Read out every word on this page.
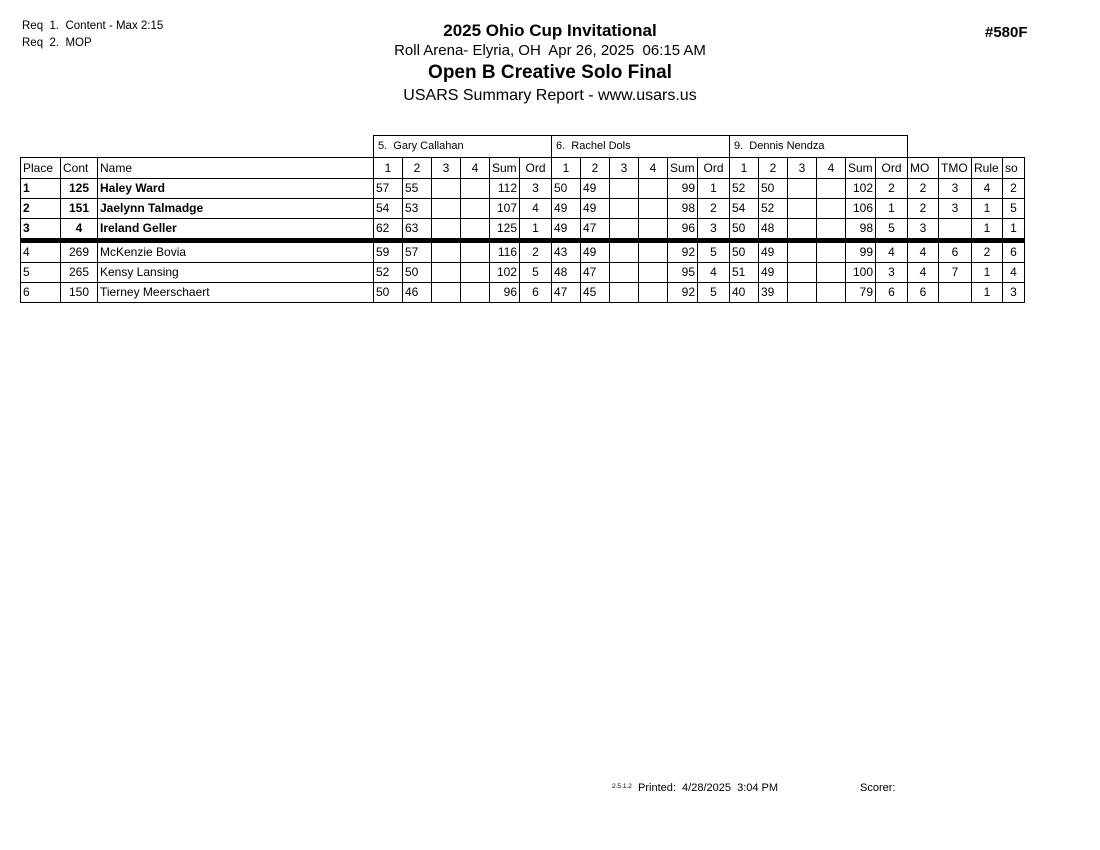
Req  1.  Content - Max 2:15
Req  2.  MOP
2025 Ohio Cup Invitational
Roll Arena- Elyria, OH  Apr 26, 2025  06:15 AM
Open B Creative Solo Final
USARS Summary Report - www.usars.us
#580F
			5.  Gary Callahan						6.  Rachel Dols						9.  Dennis Nendza									
Place	Cont	Name	1	2	3	4	Sum	Ord	1	2	3	4	Sum	Ord	1	2	3	4	Sum	Ord	MO	TMO	Rule	so
1	125	Haley Ward	57	55			112	3	50	49			99	1	52	50			102	2	2	3	4	2
2	151	Jaelynn Talmadge	54	53			107	4	49	49			98	2	54	52			106	1	2	3	1	5
3	4	Ireland Geller	62	63			125	1	49	47			96	3	50	48			98	5	3		1	1
4	269	McKenzie Bovia	59	57			116	2	43	49			92	5	50	49			99	4	4	6	2	6
5	265	Kensy Lansing	52	50			102	5	48	47			95	4	51	49			100	3	4	7	1	4
6	150	Tierney Meerschaert	50	46			96	6	47	45			92	5	40	39			79	6	6		1	3
$^{2.5.1.2}$ Printed:  4/28/2025  3:04 PM	Scorer:
